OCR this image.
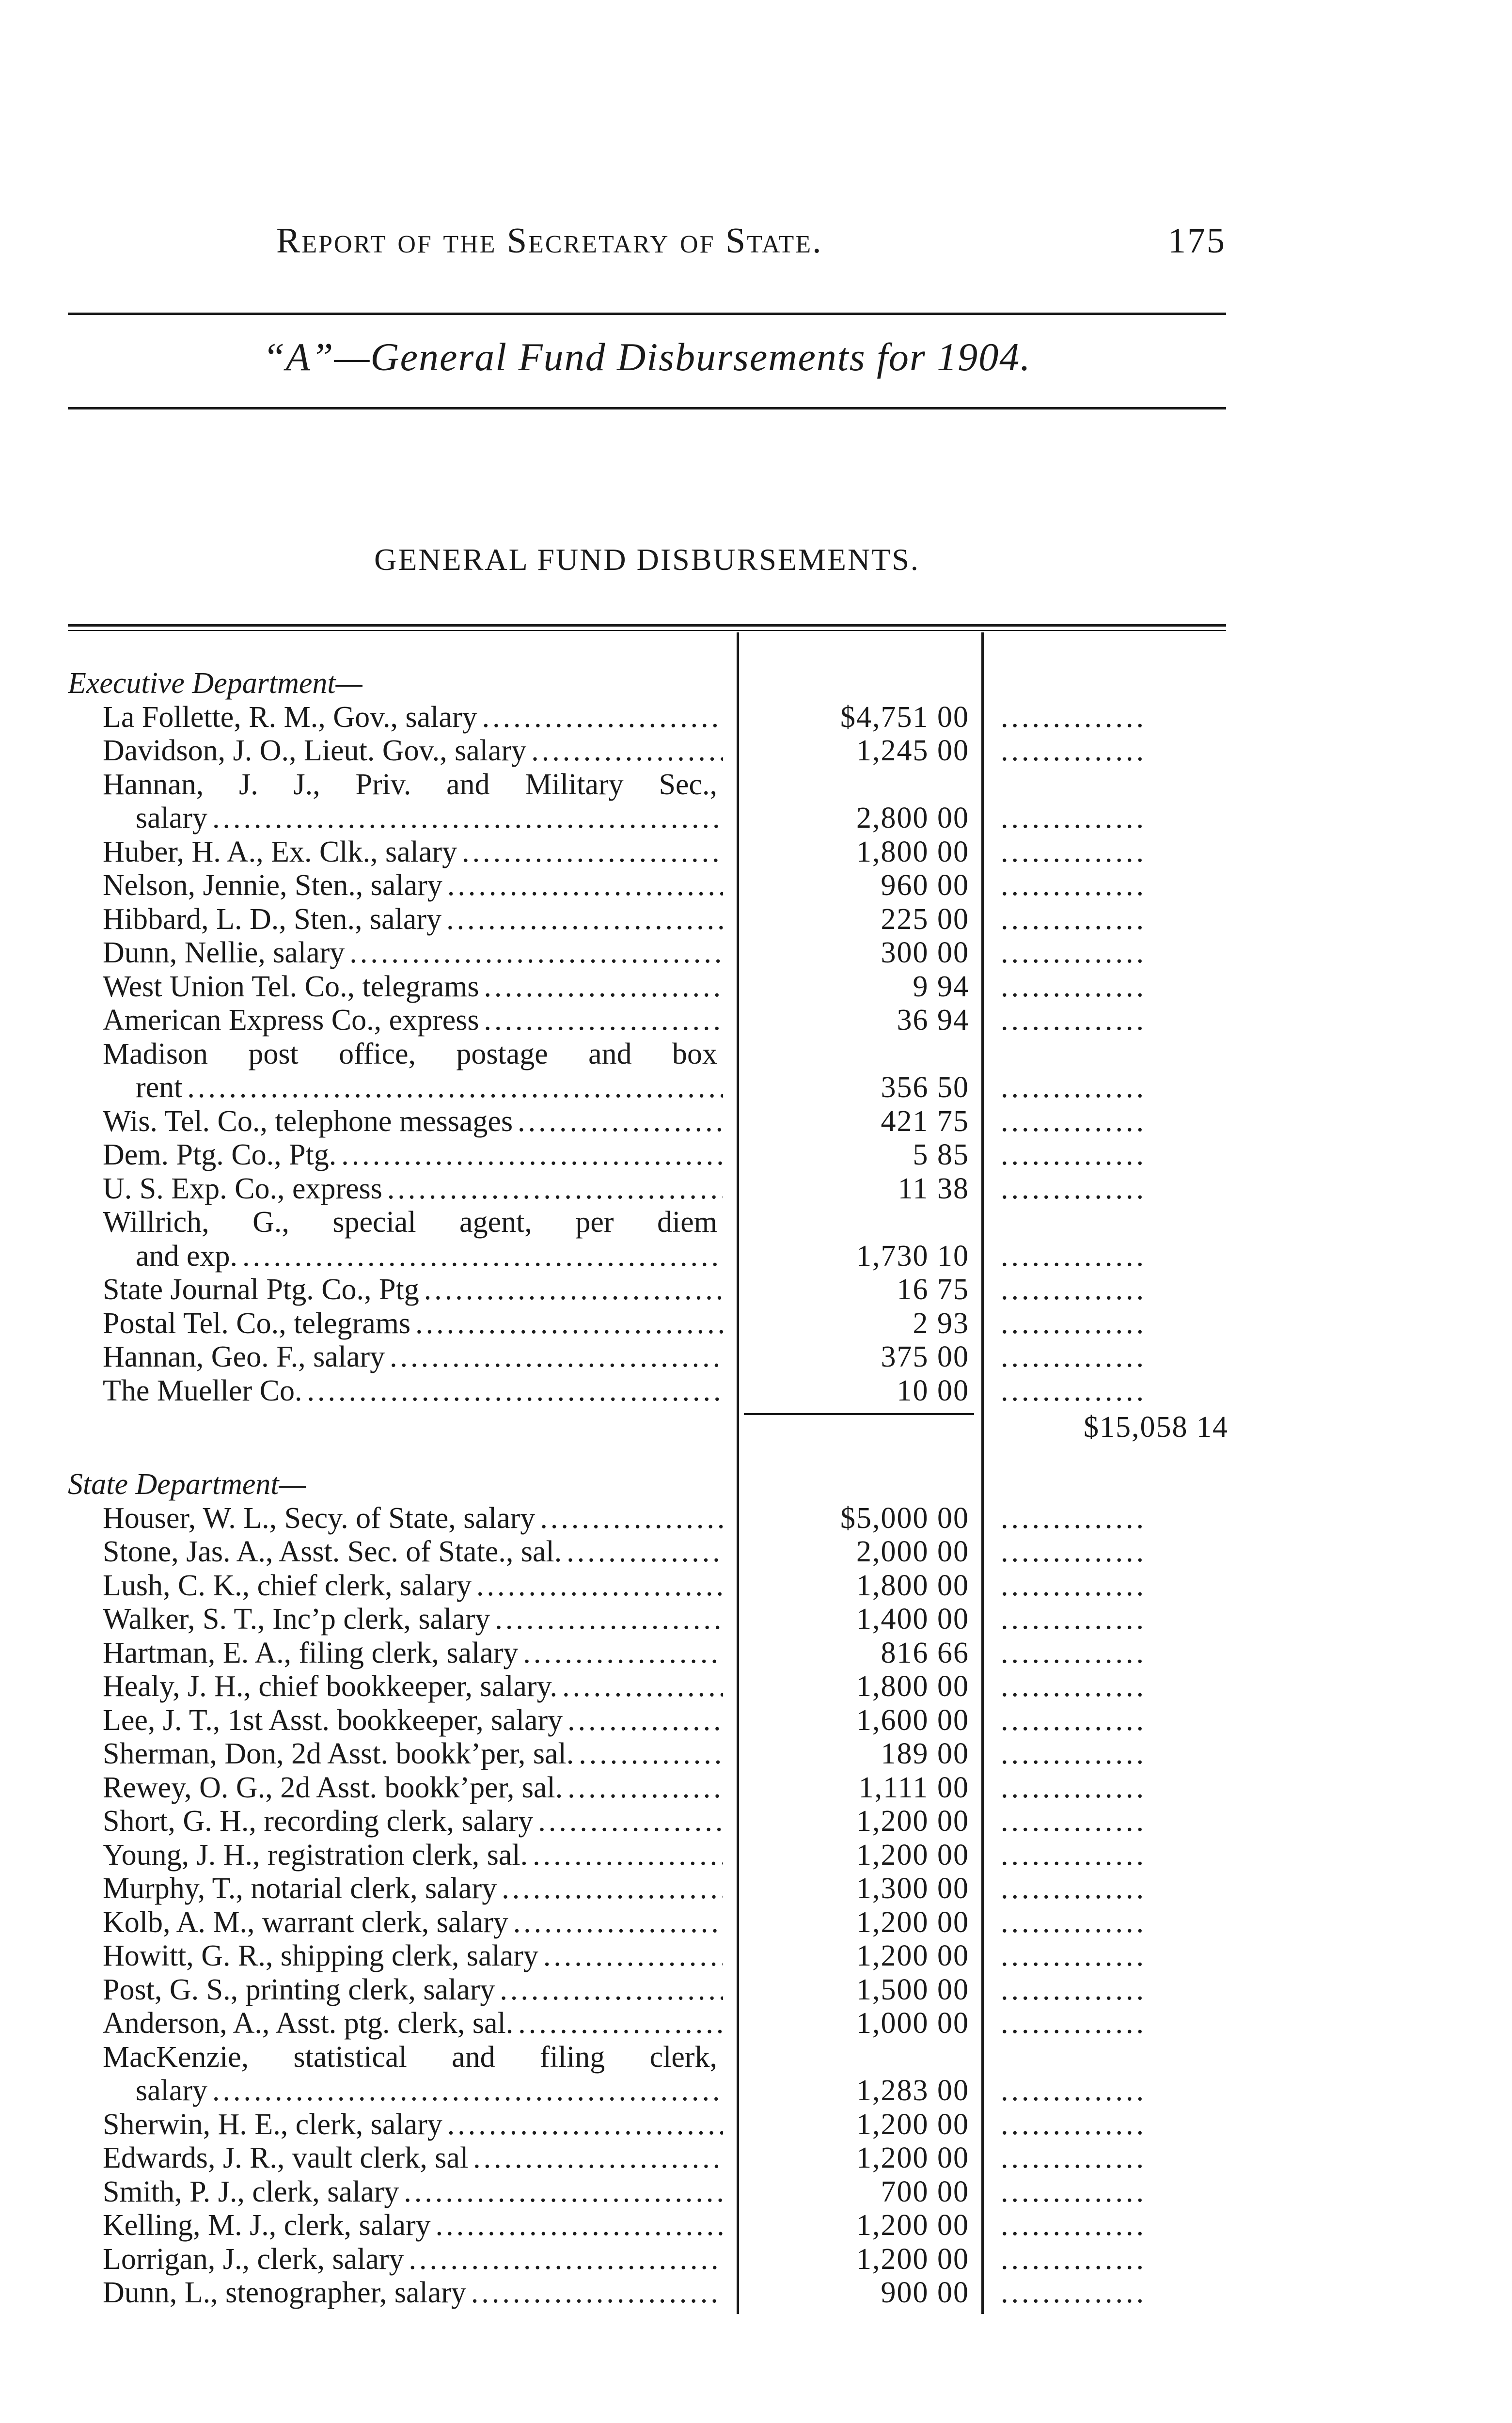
Report of the Secretary of State.	175
“A”—General Fund Disbursements for 1904.
GENERAL FUND DISBURSEMENTS.
Executive Department—
La Follette, R. M., Gov., salary .....	$4,751 00 ..............
Davidson, J. O., Lieut. Gov., salary .....	1,245 00 ..............
Hannan, J. J., Priv. and Military Sec.,
salary .....	2,800 00 ..............
Huber, H. A., Ex. Clk., salary .....	1,800 00 ..............
Nelson, Jennie, Sten., salary .....	960 00 ..............
Hibbard, L. D., Sten., salary .....	225 00 ..............
Dunn, Nellie, salary .....	300 00 ..............
West Union Tel. Co., telegrams .....	9 94 ..............
American Express Co., express .....	36 94 ..............
Madison post office, postage and box
rent .....	356 50 ..............
Wis. Tel. Co., telephone messages .....	421 75 ..............
Dem. Ptg. Co., Ptg. .....	5 85 ..............
U. S. Exp. Co., express .....	11 38 ..............
Willrich, G., special agent, per diem
and exp. .....	1,730 10 ..............
State Journal Ptg. Co., Ptg .....	16 75 ..............
Postal Tel. Co., telegrams .....	2 93 ..............
Hannan, Geo. F., salary .....	375 00 ..............
The Mueller Co. .....	10 00 ..............
$15,058 14
State Department—
Houser, W. L., Secy. of State, salary .....	$5,000 00 ..............
Stone, Jas. A., Asst. Sec. of State., sal. .....	2,000 00 ..............
Lush, C. K., chief clerk, salary .....	1,800 00 ..............
Walker, S. T., Inc’p clerk, salary .....	1,400 00 ..............
Hartman, E. A., filing clerk, salary .....	816 66 ..............
Healy, J. H., chief bookkeeper, salary. .....	1,800 00 ..............
Lee, J. T., 1st Asst. bookkeeper, salary .....	1,600 00 ..............
Sherman, Don, 2d Asst. bookk’per, sal. .....	189 00 ..............
Rewey, O. G., 2d Asst. bookk’per, sal. .....	1,111 00 ..............
Short, G. H., recording clerk, salary .....	1,200 00 ..............
Young, J. H., registration clerk, sal. .....	1,200 00 ..............
Murphy, T., notarial clerk, salary .....	1,300 00 ..............
Kolb, A. M., warrant clerk, salary .....	1,200 00 ..............
Howitt, G. R., shipping clerk, salary .....	1,200 00 ..............
Post, G. S., printing clerk, salary .....	1,500 00 ..............
Anderson, A., Asst. ptg. clerk, sal. .....	1,000 00 ..............
MacKenzie, statistical and filing clerk,
salary .....	1,283 00 ..............
Sherwin, H. E., clerk, salary .....	1,200 00 ..............
Edwards, J. R., vault clerk, sal .....	1,200 00 ..............
Smith, P. J., clerk, salary .....	700 00 ..............
Kelling, M. J., clerk, salary .....	1,200 00 ..............
Lorrigan, J., clerk, salary .....	1,200 00 ..............
Dunn, L., stenographer, salary .....	900 00 ..............
